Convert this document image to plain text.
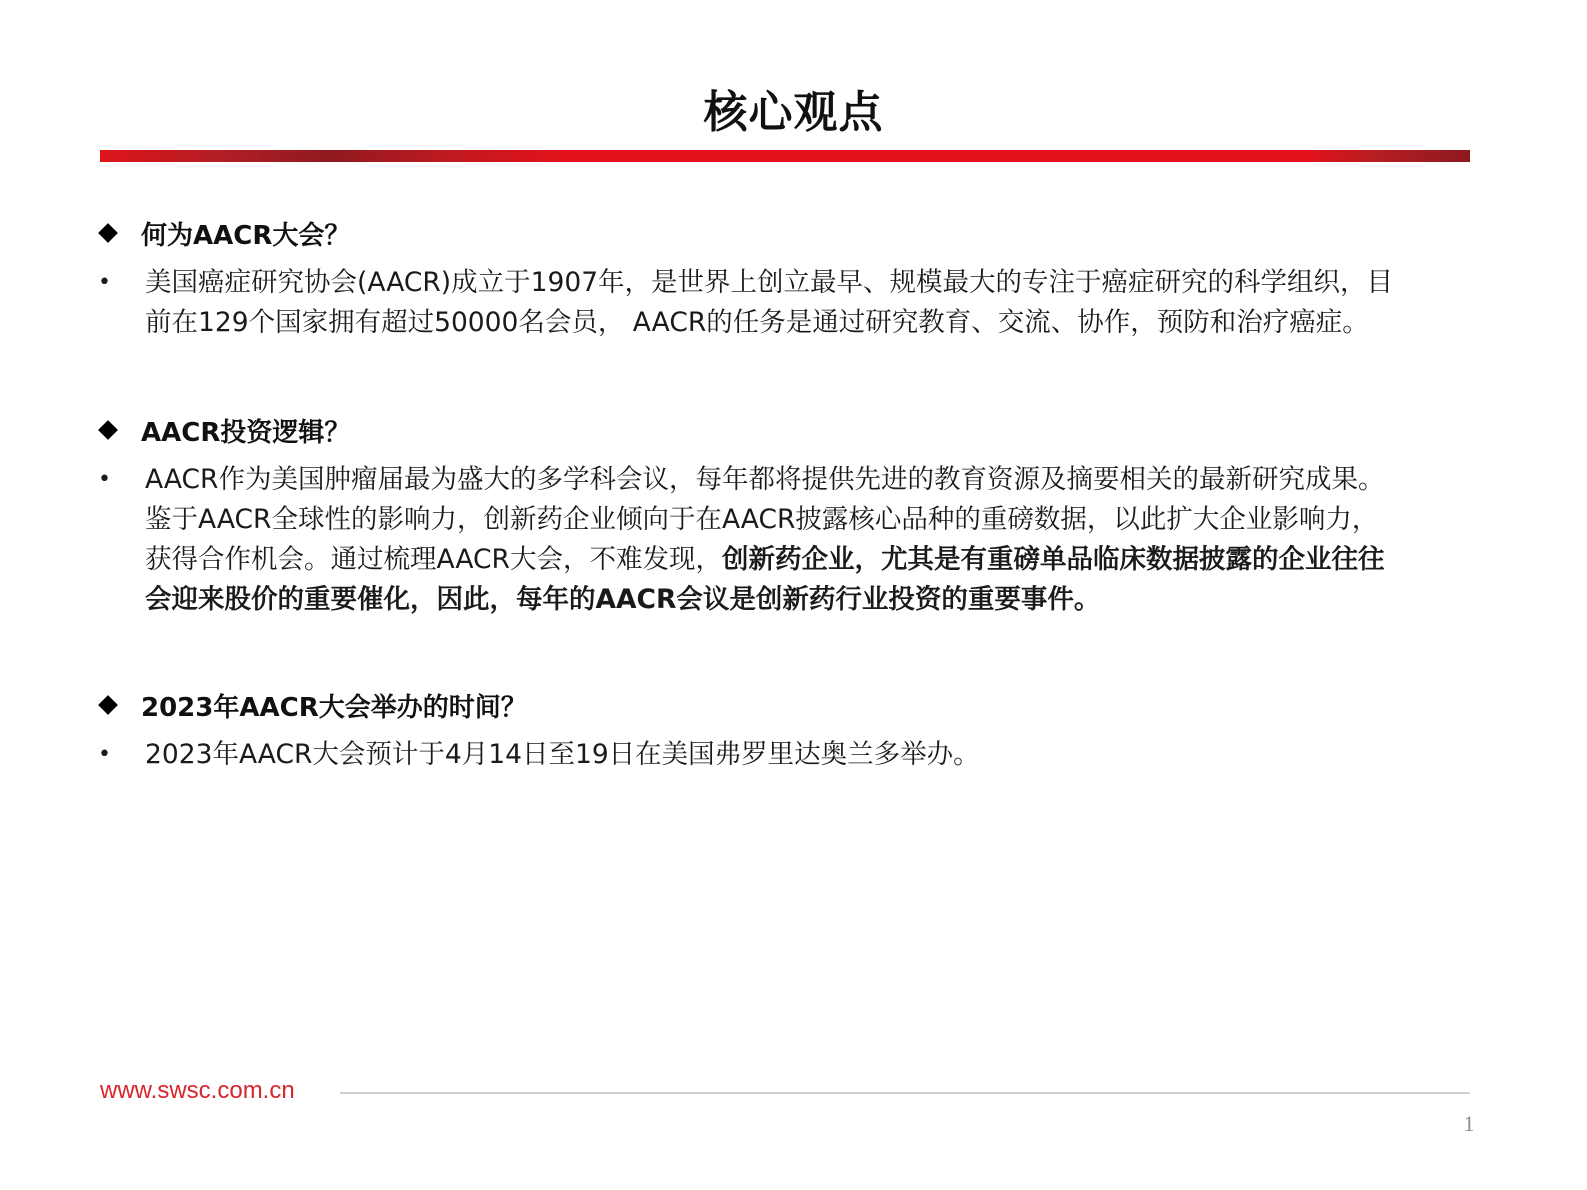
核心观点
何为AACR大会？
•	美国癌症研究协会(AACR)成立于1907年，是世界上创立最早、规模最大的专注于癌症研究的科学组织，目
前在129个国家拥有超过50000名会员， AACR的任务是通过研究教育、交流、协作，预防和治疗癌症。
AACR投资逻辑？
•	AACR作为美国肿瘤届最为盛大的多学科会议，每年都将提供先进的教育资源及摘要相关的最新研究成果。
鉴于AACR全球性的影响力，创新药企业倾向于在AACR披露核心品种的重磅数据，以此扩大企业影响力，
获得合作机会。通过梳理AACR大会，不难发现，创新药企业，尤其是有重磅单品临床数据披露的企业往往
会迎来股价的重要催化，因此，每年的AACR会议是创新药行业投资的重要事件。
2023年AACR大会举办的时间？
•	2023年AACR大会预计于4月14日至19日在美国弗罗里达奥兰多举办。
www.swsc.com.cn
1
